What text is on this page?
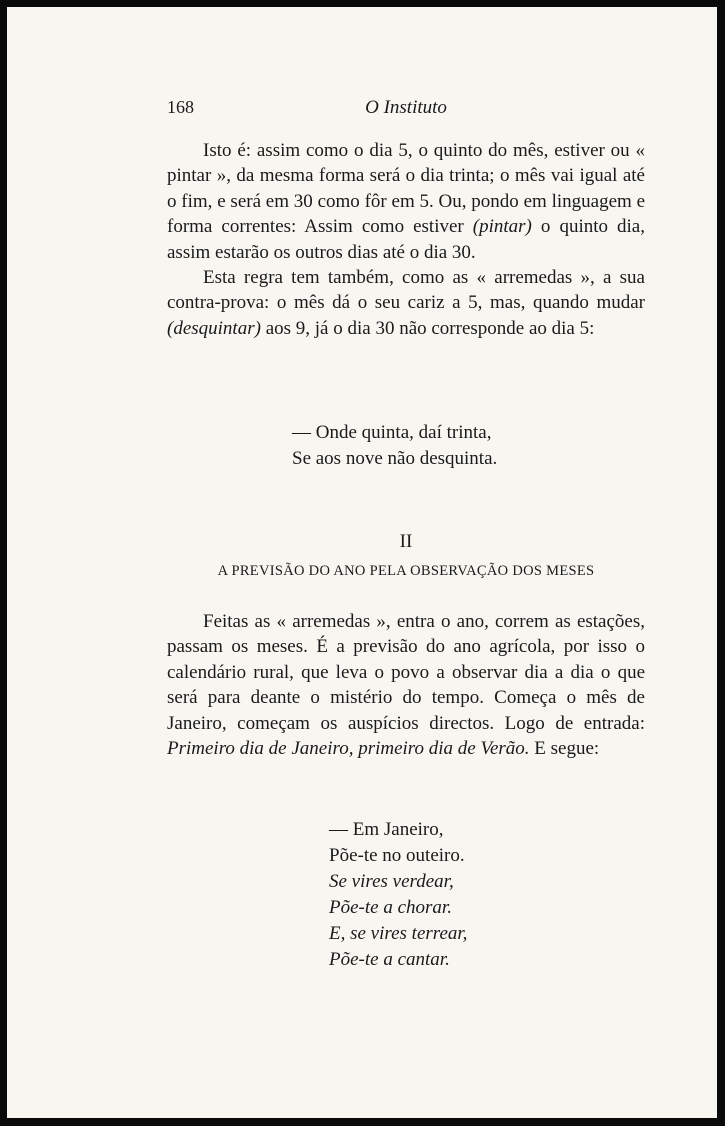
168	O Instituto

Isto é: assim como o dia 5, o quinto do mês, estiver ou « pintar », da mesma forma será o dia trinta; o mês vai igual até o fim, e será em 30 como fôr em 5. Ou, pondo em linguagem e forma correntes: Assim como estiver (pintar) o quinto dia, assim estarão os outros dias até o dia 30.

Esta regra tem também, como as « arremedas », a sua contra-prova: o mês dá o seu cariz a 5, mas, quando mudar (desquintar) aos 9, já o dia 30 não corresponde ao dia 5:

— Onde quinta, daí trinta,
Se aos nove não desquinta.
II
A PREVISÃO DO ANO PELA OBSERVAÇÃO DOS MESES

Feitas as « arremedas », entra o ano, correm as estações, passam os meses. É a previsão do ano agrícola, por isso o calendário rural, que leva o povo a observar dia a dia o que será para deante o mistério do tempo. Começa o mês de Janeiro, começam os auspícios directos. Logo de entrada: Primeiro dia de Janeiro, primeiro dia de Verão. E segue:

— Em Janeiro,
Põe-te no outeiro.
Se vires verdear,
Põe-te a chorar.
E, se vires terrear,
Põe-te a cantar.
